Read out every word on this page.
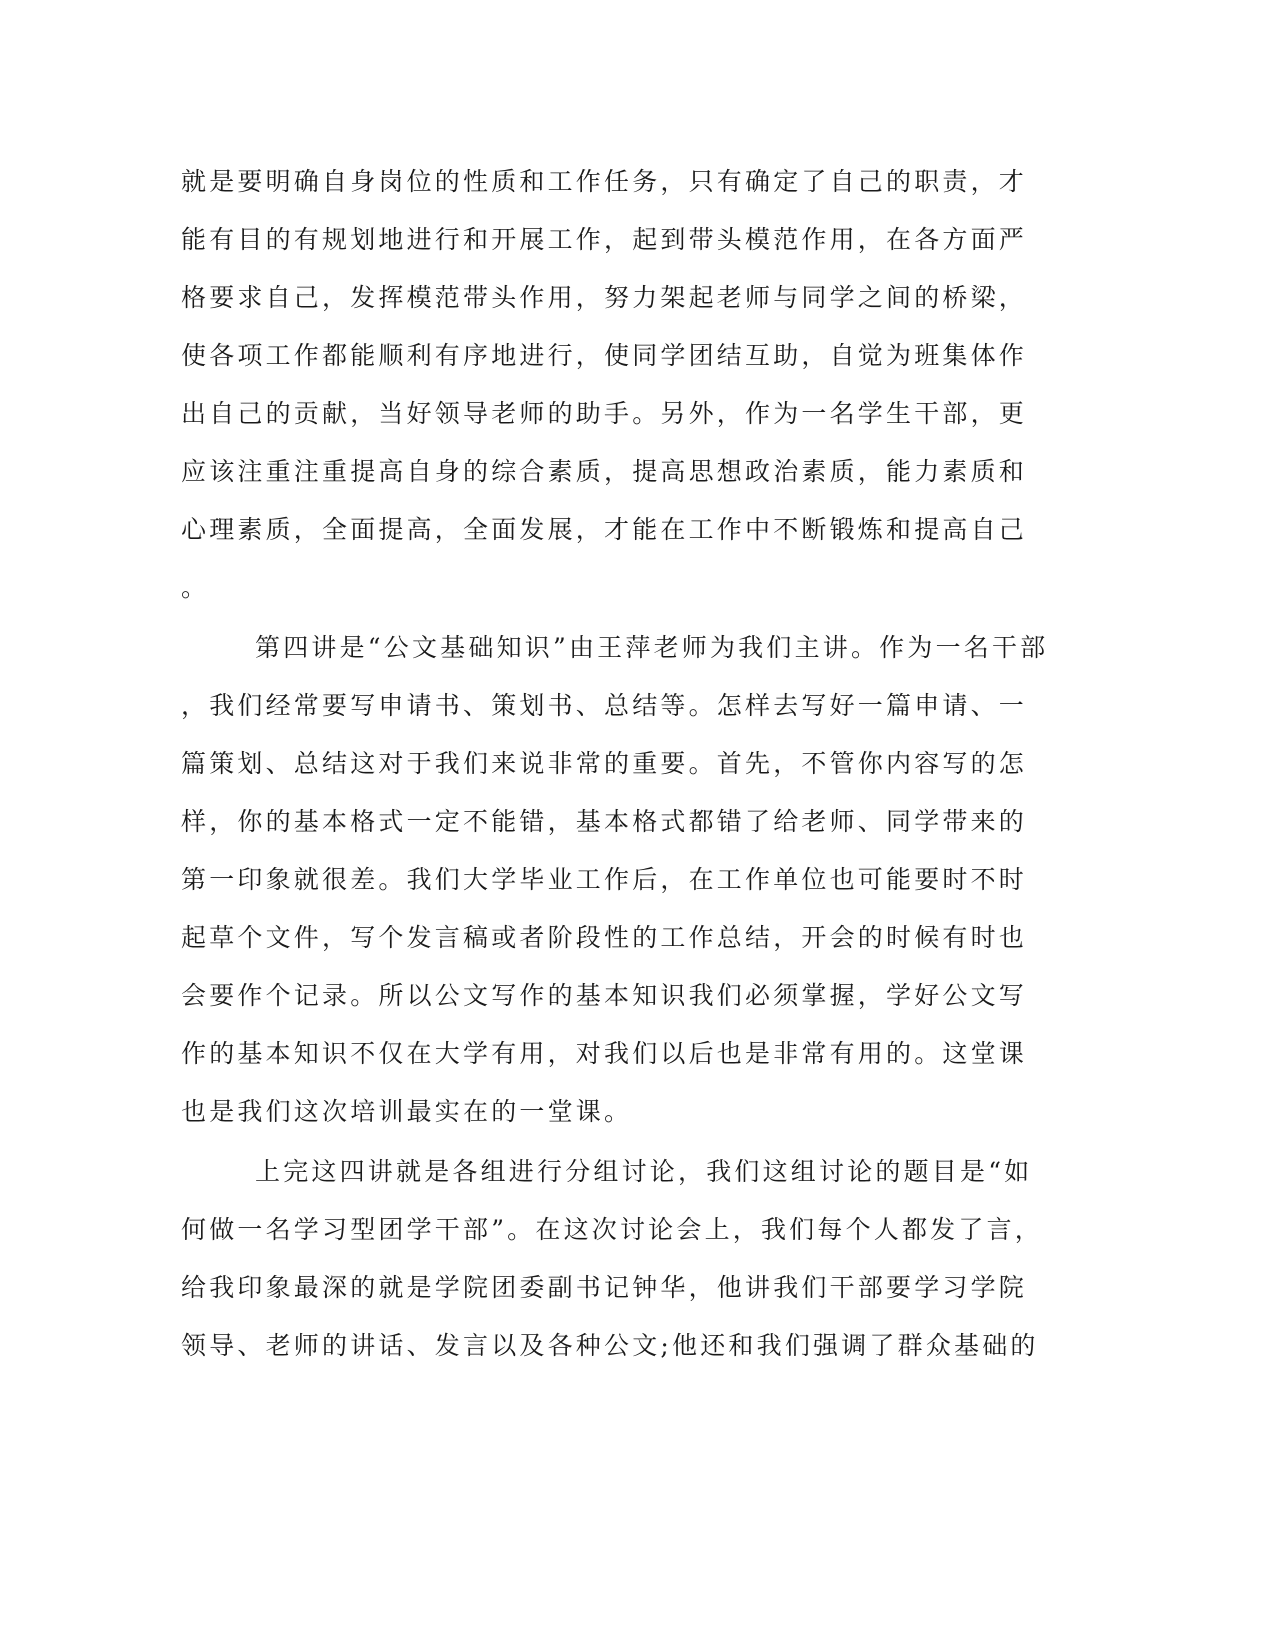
就是要明确自身岗位的性质和工作任务，只有确定了自己的职责，才
能有目的有规划地进行和开展工作，起到带头模范作用，在各方面严
格要求自己，发挥模范带头作用，努力架起老师与同学之间的桥梁，
使各项工作都能顺利有序地进行，使同学团结互助，自觉为班集体作
出自己的贡献，当好领导老师的助手。另外，作为一名学生干部，更
应该注重注重提高自身的综合素质，提高思想政治素质，能力素质和
心理素质，全面提高，全面发展，才能在工作中不断锻炼和提高自己
。
第四讲是“公文基础知识”由王萍老师为我们主讲。作为一名干部
，我们经常要写申请书、策划书、总结等。怎样去写好一篇申请、一
篇策划、总结这对于我们来说非常的重要。首先，不管你内容写的怎
样，你的基本格式一定不能错，基本格式都错了给老师、同学带来的
第一印象就很差。我们大学毕业工作后，在工作单位也可能要时不时
起草个文件，写个发言稿或者阶段性的工作总结，开会的时候有时也
会要作个记录。所以公文写作的基本知识我们必须掌握，学好公文写
作的基本知识不仅在大学有用，对我们以后也是非常有用的。这堂课
也是我们这次培训最实在的一堂课。
上完这四讲就是各组进行分组讨论，我们这组讨论的题目是“如
何做一名学习型团学干部”。在这次讨论会上，我们每个人都发了言，
给我印象最深的就是学院团委副书记钟华，他讲我们干部要学习学院
领导、老师的讲话、发言以及各种公文;他还和我们强调了群众基础的
